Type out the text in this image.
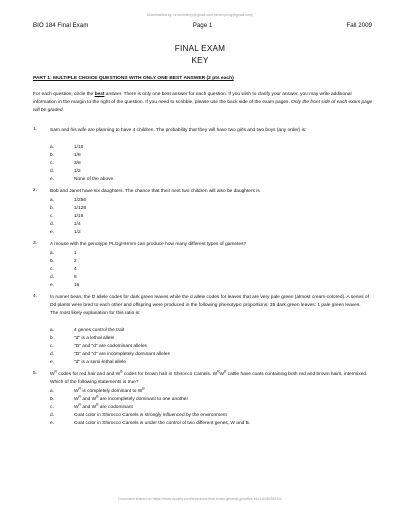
Downloaded by: dr.kevinterry@gmail.com (drterry.kvg@gmail.com)
BIO 184 Final Exam	Page 1	Fall 2009
FINAL EXAM
KEY
PART 1: MULTIPLE CHOICE QUESTIONS WITH ONLY ONE BEST ANSWER (2 pts each)
For each question, circle the best answer. There is only one best answer for each question. If you wish to clarify your answer, you may write additional information in the margin to the right of the question. If you need to scribble, please use the back side of the exam pages. Only the front side of each exam page will be graded.
1.	Sam and his wife are planning to have 4 children. The probability that they will have two girls and two boys (any order) is:
a.	1/16
b.	1/8
c.	3/8
d.	1/2
e.	None of the above.
2.	Bob and Janet have six daughters. The chance that their next two children will also be daughters is
a.	1/256
b.	1/128
c.	1/16
d.	1/4
e.	1/2
3.	A mouse with the genotype PLGgHHmm can produce how many different types of gametes?
a.	1
b.	2
c.	4
d.	8
e.	16
4.	In runner bean, the D allele codes for dark green leaves while the d allele codes for leaves that are very pale green (almost cream-colored). A series of Dd plants were bred to each other and offspring were produced in the following phenotypic proportions: 35 dark green leaves: 1 pale green leaves. The most likely explanation for this ratio is:
a.	4 genes control the trait
b.	"d" is a lethal allele
c.	"D" and "d" are codominant alleles
d.	"D" and "d" are incompletely dominant alleles
e.	"d" is a semi-lethal allele
5.	$W^R$ codes for red hair and and $W^B$ codes for brown hair in Shirocco Camels. $W^RW^B$ cattle have coats containing both red and brown hairs, intermixed. Which of the following statements is true?
a.	$W^R$ is completely dominant to $W^B$
b.	$W^R$ and $W^B$ are incompletely dominant to one another
c.	$W^R$ and $W^B$ are codominant
d.	Coat color in Shirocco Camels is strongly influenced by the environment
e.	Coat color in Shirocco Camels is under the control of two different genes, W and B.
Document shared on https://www.docsity.com/en/solved-final-exam-general-genetics-bio-184/6090194/
